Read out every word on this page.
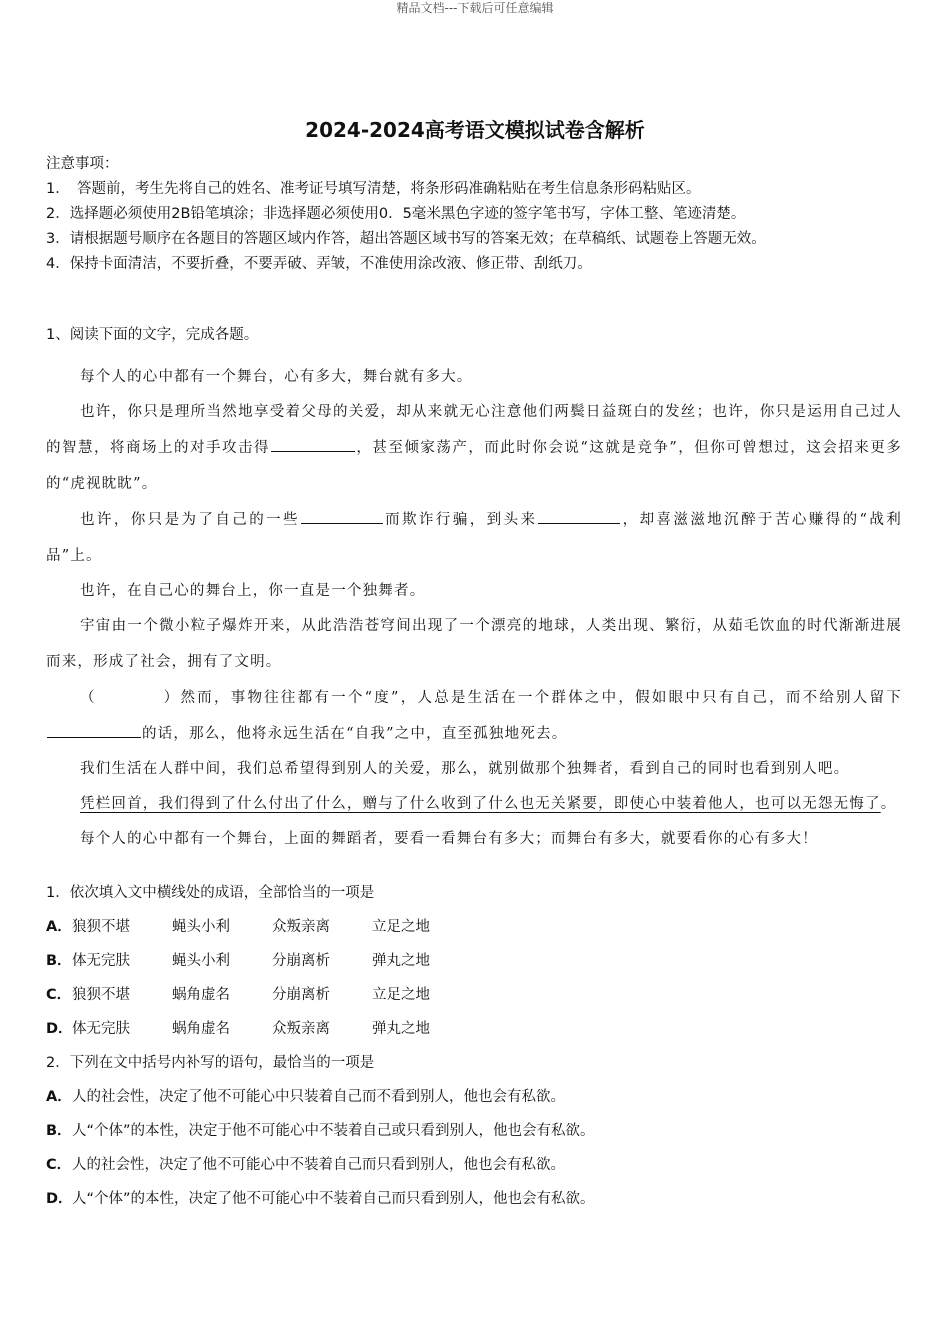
精品文档---下载后可任意编辑
2024-2024高考语文模拟试卷含解析

注意事项：

1．　答题前，考生先将自己的姓名、准考证号填写清楚，将条形码准确粘贴在考生信息条形码粘贴区。

2．选择题必须使用2B铅笔填涂；非选择题必须使用0．5毫米黑色字迹的签字笔书写，字体工整、笔迹清楚。

3．请根据题号顺序在各题目的答题区域内作答，超出答题区域书写的答案无效；在草稿纸、试题卷上答题无效。

4．保持卡面清洁，不要折叠，不要弄破、弄皱，不准使用涂改液、修正带、刮纸刀。

1、阅读下面的文字，完成各题。

每个人的心中都有一个舞台，心有多大，舞台就有多大。

也许，你只是理所当然地享受着父母的关爱，却从来就无心注意他们两鬓日益斑白的发丝；也许，你只是运用自己过人的智慧，将商场上的对手攻击得	，甚至倾家荡产，而此时你会说“这就是竞争”，但你可曾想过，这会招来更多的“虎视眈眈”。

也许，你只是为了自己的一些	而欺诈行骗，到头来	，却喜滋滋地沉醉于苦心赚得的“战利品”上。

也许，在自己心的舞台上，你一直是一个独舞者。

宇宙由一个微小粒子爆炸开来，从此浩浩苍穹间出现了一个漂亮的地球，人类出现、繁衍，从茹毛饮血的时代渐渐进展而来，形成了社会，拥有了文明。

（　　　　）然而，事物往往都有一个“度”，人总是生活在一个群体之中，假如眼中只有自己，而不给别人留下的话，那么，他将永远生活在“自我”之中，直至孤独地死去。

我们生活在人群中间，我们总希望得到别人的关爱，那么，就别做那个独舞者，看到自己的同时也看到别人吧。

凭栏回首，我们得到了什么付出了什么，赠与了什么收到了什么也无关紧要，即使心中装着他人，也可以无怨无悔了。

每个人的心中都有一个舞台，上面的舞蹈者，要看一看舞台有多大；而舞台有多大，就要看你的心有多大！

1．依次填入文中横线处的成语，全部恰当的一项是

A．狼狈不堪	蝇头小利	众叛亲离	立足之地

B．体无完肤	蝇头小利	分崩离析	弹丸之地

C．狼狈不堪	蜗角虚名	分崩离析	立足之地

D．体无完肤	蜗角虚名	众叛亲离	弹丸之地

2．下列在文中括号内补写的语句，最恰当的一项是

A．人的社会性，决定了他不可能心中只装着自己而不看到别人，他也会有私欲。

B．人“个体”的本性，决定于他不可能心中不装着自己或只看到别人，他也会有私欲。

C．人的社会性，决定了他不可能心中不装着自己而只看到别人，他也会有私欲。

D．人“个体”的本性，决定了他不可能心中不装着自己而只看到别人，他也会有私欲。
